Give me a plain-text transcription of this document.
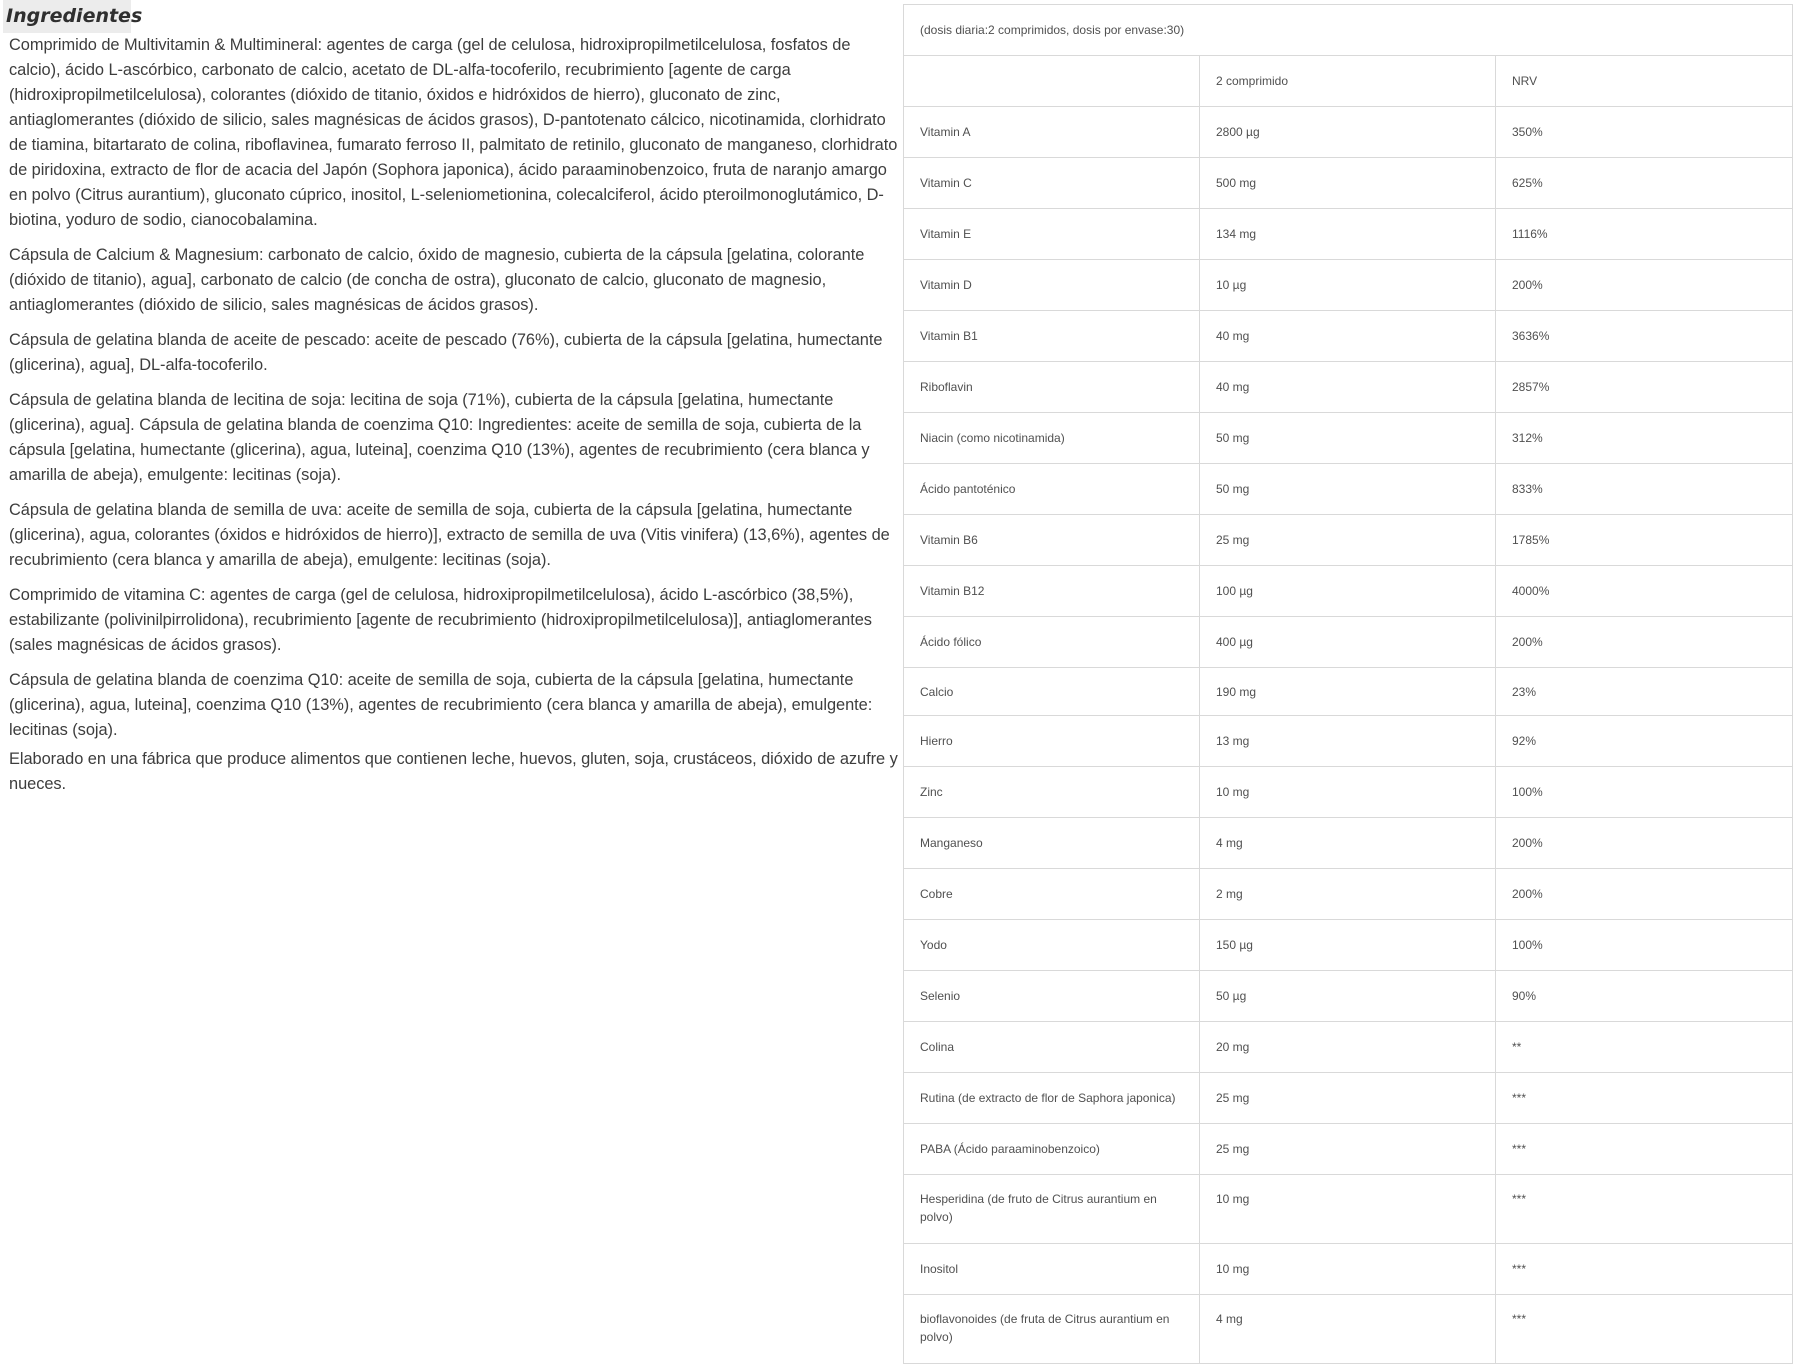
Ingredientes

Comprimido de Multivitamin & Multimineral: agentes de carga (gel de celulosa, hidroxipropilmetilcelulosa, fosfatos de calcio), ácido L-ascórbico, carbonato de calcio, acetato de DL-alfa-tocoferilo, recubrimiento [agente de carga (hidroxipropilmetilcelulosa), colorantes (dióxido de titanio, óxidos e hidróxidos de hierro), gluconato de zinc, antiaglomerantes (dióxido de silicio, sales magnésicas de ácidos grasos), D-pantotenato cálcico, nicotinamida, clorhidrato de tiamina, bitartarato de colina, riboflavinea, fumarato ferroso II, palmitato de retinilo, gluconato de manganeso, clorhidrato de piridoxina, extracto de flor de acacia del Japón (Sophora japonica), ácido paraaminobenzoico, fruta de naranjo amargo en polvo (Citrus aurantium), gluconato cúprico, inositol, L-seleniometionina, colecalciferol, ácido pteroilmonoglutámico, D-biotina, yoduro de sodio, cianocobalamina.

Cápsula de Calcium & Magnesium: carbonato de calcio, óxido de magnesio, cubierta de la cápsula [gelatina, colorante (dióxido de titanio), agua], carbonato de calcio (de concha de ostra), gluconato de calcio, gluconato de magnesio, antiaglomerantes (dióxido de silicio, sales magnésicas de ácidos grasos).

Cápsula de gelatina blanda de aceite de pescado: aceite de pescado (76%), cubierta de la cápsula [gelatina, humectante (glicerina), agua], DL-alfa-tocoferilo.

Cápsula de gelatina blanda de lecitina de soja: lecitina de soja (71%), cubierta de la cápsula [gelatina, humectante (glicerina), agua]. Cápsula de gelatina blanda de coenzima Q10: Ingredientes: aceite de semilla de soja, cubierta de la cápsula [gelatina, humectante (glicerina), agua, luteina], coenzima Q10 (13%), agentes de recubrimiento (cera blanca y amarilla de abeja), emulgente: lecitinas (soja).

Cápsula de gelatina blanda de semilla de uva: aceite de semilla de soja, cubierta de la cápsula [gelatina, humectante (glicerina), agua, colorantes (óxidos e hidróxidos de hierro)], extracto de semilla de uva (Vitis vinifera) (13,6%), agentes de recubrimiento (cera blanca y amarilla de abeja), emulgente: lecitinas (soja).

Comprimido de vitamina C: agentes de carga (gel de celulosa, hidroxipropilmetilcelulosa), ácido L-ascórbico (38,5%), estabilizante (polivinilpirrolidona), recubrimiento [agente de recubrimiento (hidroxipropilmetilcelulosa)], antiaglomerantes (sales magnésicas de ácidos grasos).

Cápsula de gelatina blanda de coenzima Q10: aceite de semilla de soja, cubierta de la cápsula [gelatina, humectante (glicerina), agua, luteina], coenzima Q10 (13%), agentes de recubrimiento (cera blanca y amarilla de abeja), emulgente: lecitinas (soja).

Elaborado en una fábrica que produce alimentos que contienen leche, huevos, gluten, soja, crustáceos, dióxido de azufre y nueces.

(dosis diaria:2 comprimidos, dosis por envase:30)		
	2 comprimido	NRV
Vitamin A	2800 µg	350%
Vitamin C	500 mg	625%
Vitamin E	134 mg	1116%
Vitamin D	10 µg	200%
Vitamin B1	40 mg	3636%
Riboflavin	40 mg	2857%
Niacin (como nicotinamida)	50 mg	312%
Ácido pantoténico	50 mg	833%
Vitamin B6	25 mg	1785%
Vitamin B12	100 µg	4000%
Ácido fólico	400 µg	200%
Calcio	190 mg	23%
Hierro	13 mg	92%
Zinc	10 mg	100%
Manganeso	4 mg	200%
Cobre	2 mg	200%
Yodo	150 µg	100%
Selenio	50 µg	90%
Colina	20 mg	**
Rutina (de extracto de flor de Saphora japonica)	25 mg	***
PABA (Ácido paraaminobenzoico)	25 mg	***
Hesperidina (de fruto de Citrus aurantium en polvo)	10 mg	***
Inositol	10 mg	***
bioflavonoides (de fruta de Citrus aurantium en polvo)	4 mg	***
